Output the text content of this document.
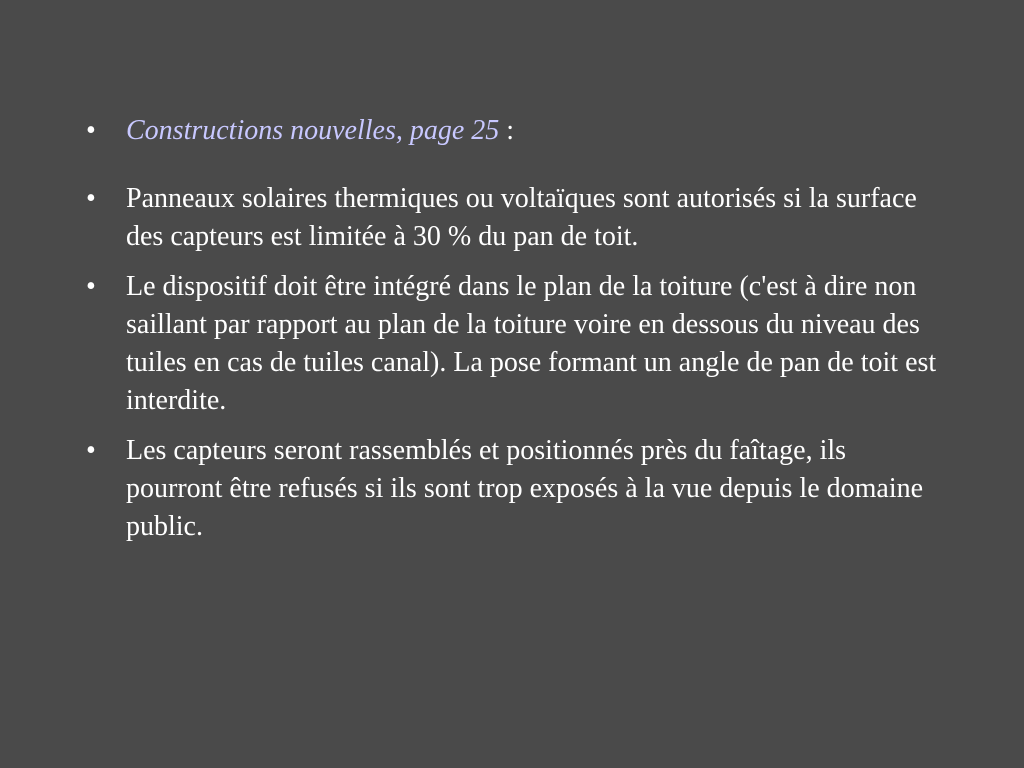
•	Constructions nouvelles, page 25 :
•	Panneaux solaires thermiques ou voltaïques sont autorisés si la surface des capteurs est limitée à 30 % du pan de toit.
•	Le dispositif doit être intégré dans le plan de la toiture (c'est à dire non saillant par rapport au plan de la toiture voire en dessous du niveau des tuiles en cas de tuiles canal). La pose formant un angle de pan de toit est interdite.
•	Les capteurs seront rassemblés et positionnés près du faîtage, ils pourront être refusés si ils sont trop exposés à la vue depuis le domaine public.
